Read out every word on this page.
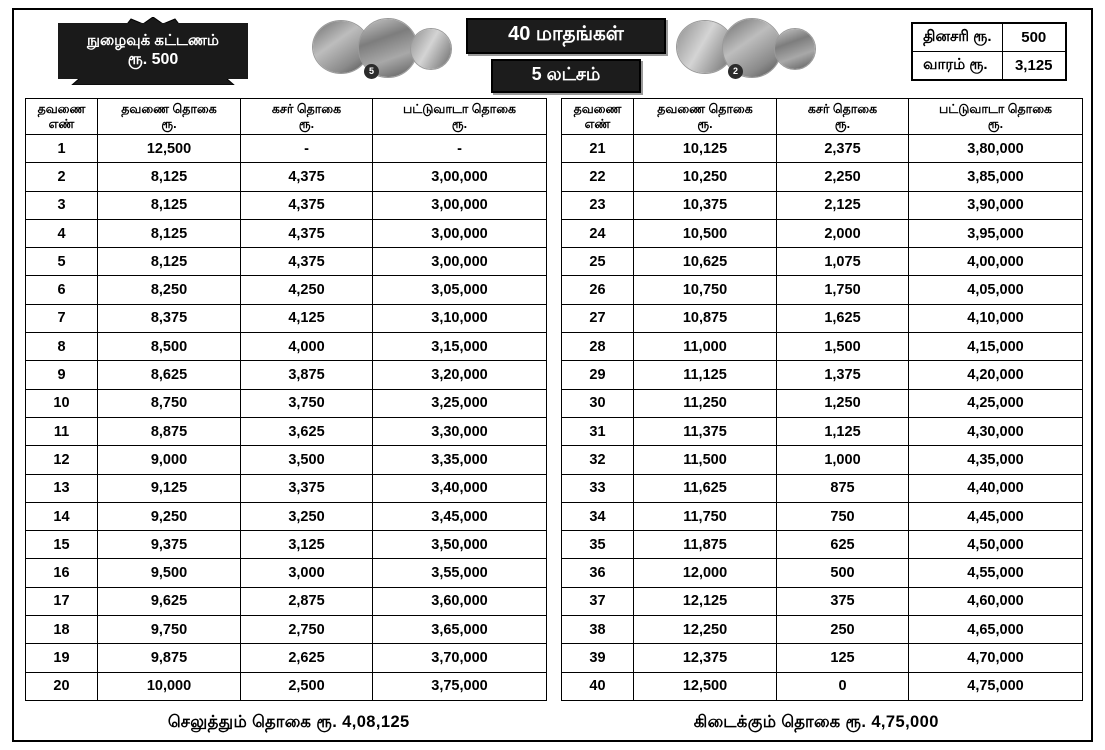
நுழைவுக் கட்டணம்
ரூ. 500
5	2
40 மாதங்கள்
5 லட்சம்
தினசரி ரூ.	500
வாரம் ரூ.	3,125
தவணை
எண்

தவணை தொகை
ரூ.

கசர் தொகை
ரூ.

பட்டுவாடா தொகை
ரூ.

1	12,500	-	-
2	8,125	4,375	3,00,000
3	8,125	4,375	3,00,000
4	8,125	4,375	3,00,000
5	8,125	4,375	3,00,000
6	8,250	4,250	3,05,000
7	8,375	4,125	3,10,000
8	8,500	4,000	3,15,000
9	8,625	3,875	3,20,000
10	8,750	3,750	3,25,000
11	8,875	3,625	3,30,000
12	9,000	3,500	3,35,000
13	9,125	3,375	3,40,000
14	9,250	3,250	3,45,000
15	9,375	3,125	3,50,000
16	9,500	3,000	3,55,000
17	9,625	2,875	3,60,000
18	9,750	2,750	3,65,000
19	9,875	2,625	3,70,000
20	10,000	2,500	3,75,000
தவணை
எண்

தவணை தொகை
ரூ.

கசர் தொகை
ரூ.

பட்டுவாடா தொகை
ரூ.

21	10,125	2,375	3,80,000
22	10,250	2,250	3,85,000
23	10,375	2,125	3,90,000
24	10,500	2,000	3,95,000
25	10,625	1,075	4,00,000
26	10,750	1,750	4,05,000
27	10,875	1,625	4,10,000
28	11,000	1,500	4,15,000
29	11,125	1,375	4,20,000
30	11,250	1,250	4,25,000
31	11,375	1,125	4,30,000
32	11,500	1,000	4,35,000
33	11,625	875	4,40,000
34	11,750	750	4,45,000
35	11,875	625	4,50,000
36	12,000	500	4,55,000
37	12,125	375	4,60,000
38	12,250	250	4,65,000
39	12,375	125	4,70,000
40	12,500	0	4,75,000
செலுத்தும் தொகை ரூ. 4,08,125	கிடைக்கும் தொகை ரூ. 4,75,000
